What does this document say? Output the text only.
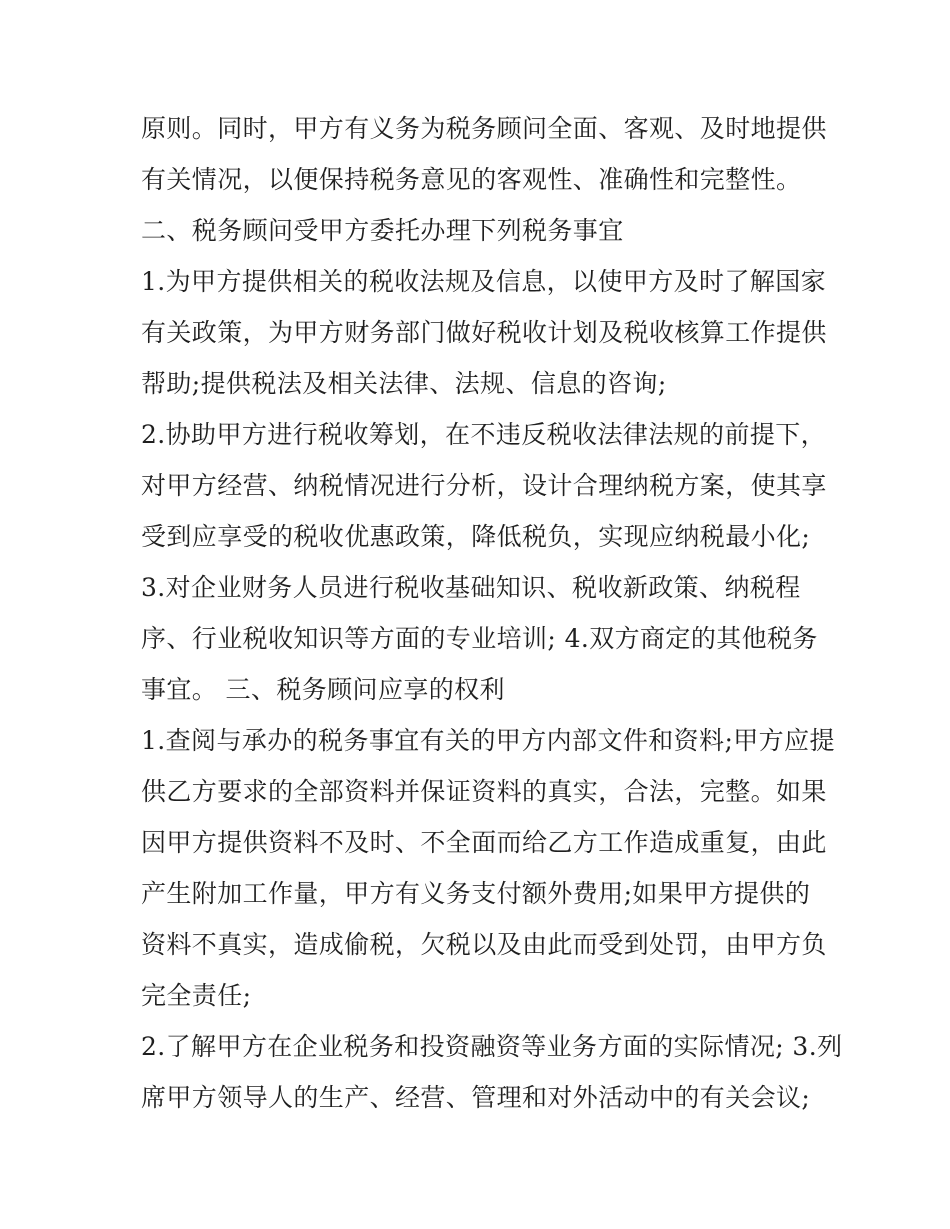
原则。同时，甲方有义务为税务顾问全面、客观、及时地提供
有关情况，以便保持税务意见的客观性、准确性和完整性。
二、税务顾问受甲方委托办理下列税务事宜
1.为甲方提供相关的税收法规及信息，以使甲方及时了解国家
有关政策，为甲方财务部门做好税收计划及税收核算工作提供
帮助;提供税法及相关法律、法规、信息的咨询;
2.协助甲方进行税收筹划，在不违反税收法律法规的前提下，
对甲方经营、纳税情况进行分析，设计合理纳税方案，使其享
受到应享受的税收优惠政策，降低税负，实现应纳税最小化;
3.对企业财务人员进行税收基础知识、税收新政策、纳税程
序、行业税收知识等方面的专业培训; 4.双方商定的其他税务
事宜。 三、税务顾问应享的权利
1.查阅与承办的税务事宜有关的甲方内部文件和资料;甲方应提
供乙方要求的全部资料并保证资料的真实，合法，完整。如果
因甲方提供资料不及时、不全面而给乙方工作造成重复，由此
产生附加工作量，甲方有义务支付额外费用;如果甲方提供的
资料不真实，造成偷税，欠税以及由此而受到处罚，由甲方负
完全责任;
2.了解甲方在企业税务和投资融资等业务方面的实际情况; 3.列
席甲方领导人的生产、经营、管理和对外活动中的有关会议;
